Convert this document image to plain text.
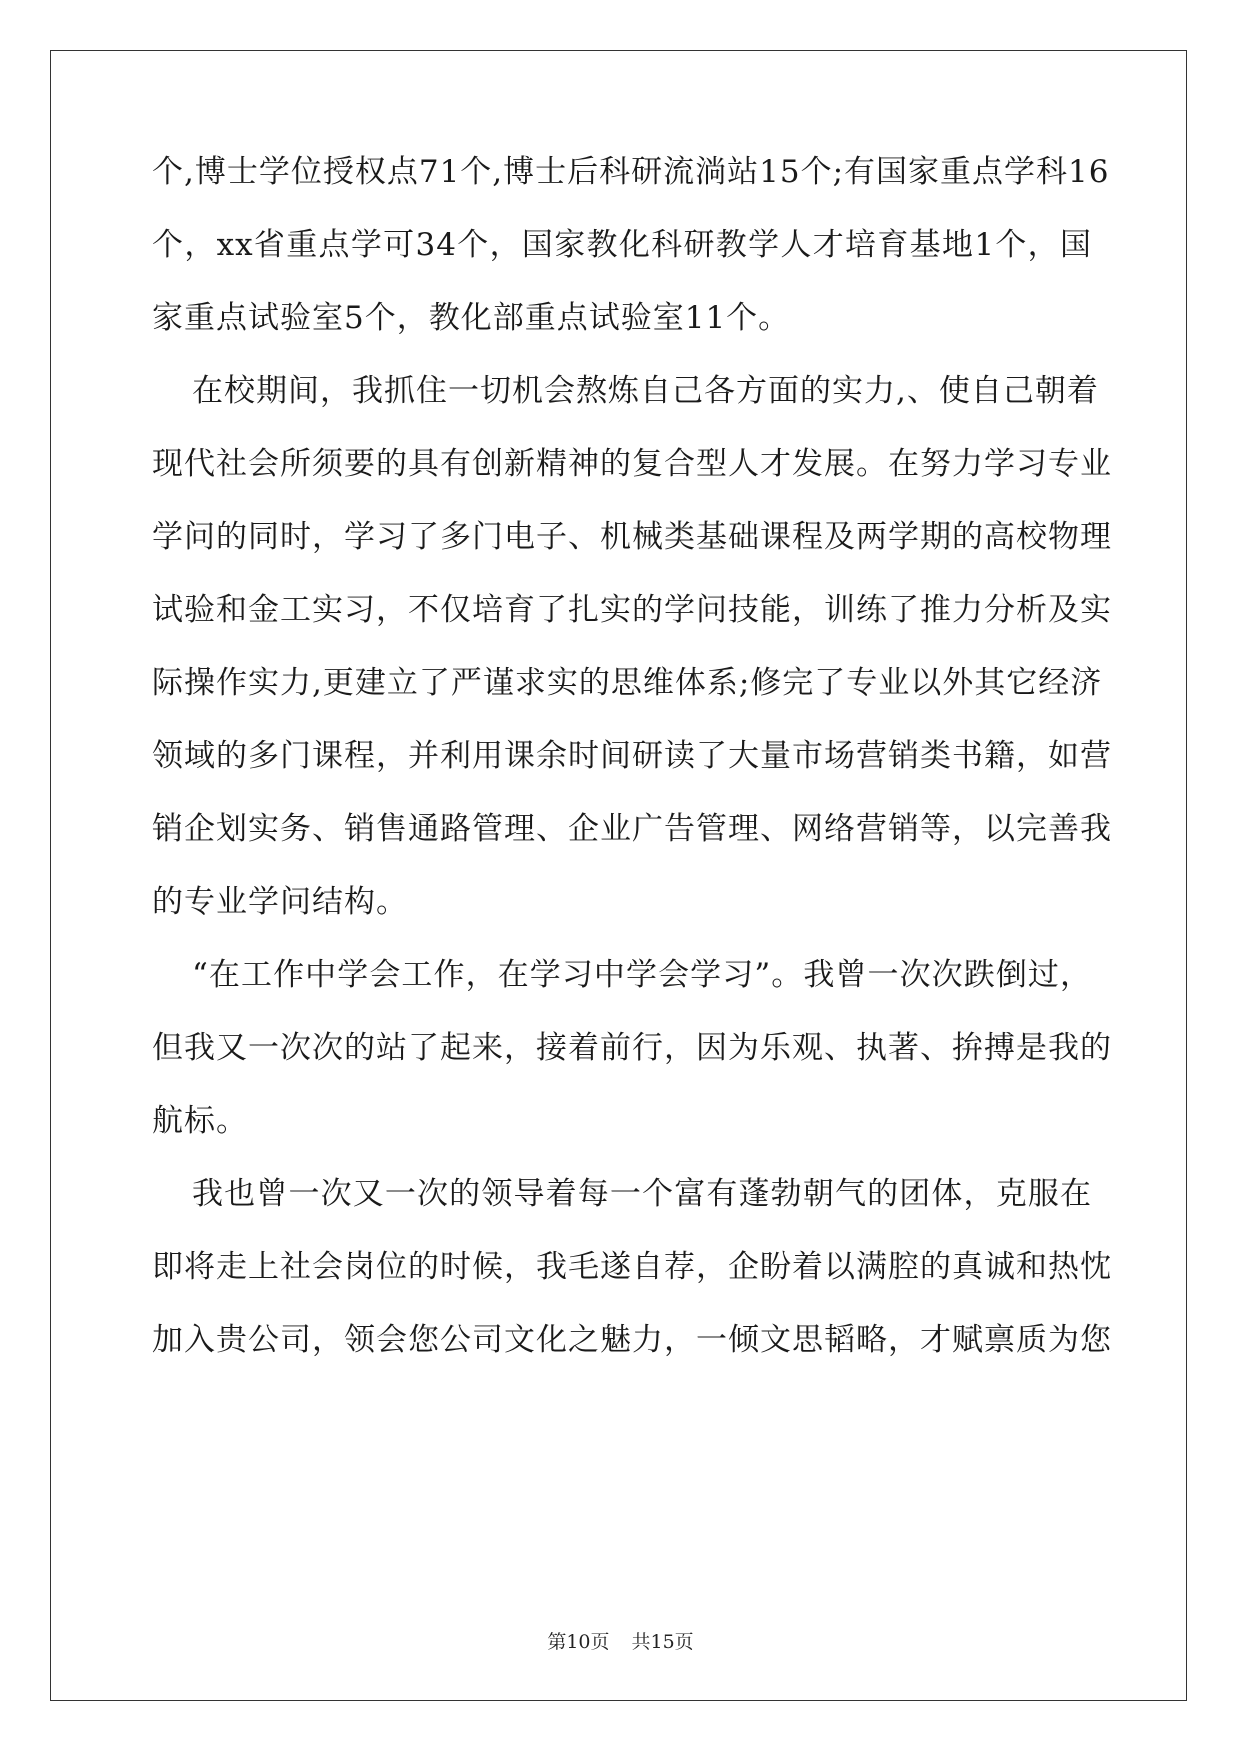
个,博士学位授权点71个,博士后科研流淌站15个;有国家重点学科16
个，xx省重点学可34个，国家教化科研教学人才培育基地1个，国
家重点试验室5个，教化部重点试验室11个。
在校期间，我抓住一切机会熬炼自己各方面的实力,、使自己朝着
现代社会所须要的具有创新精神的复合型人才发展。在努力学习专业
学问的同时，学习了多门电子、机械类基础课程及两学期的高校物理
试验和金工实习，不仅培育了扎实的学问技能，训练了推力分析及实
际操作实力,更建立了严谨求实的思维体系;修完了专业以外其它经济
领域的多门课程，并利用课余时间研读了大量市场营销类书籍，如营
销企划实务、销售通路管理、企业广告管理、网络营销等，以完善我
的专业学问结构。
“在工作中学会工作，在学习中学会学习”。我曾一次次跌倒过，
但我又一次次的站了起来，接着前行，因为乐观、执著、拚搏是我的
航标。
我也曾一次又一次的领导着每一个富有蓬勃朝气的团体，克服在
即将走上社会岗位的时候，我毛遂自荐，企盼着以满腔的真诚和热忱
加入贵公司，领会您公司文化之魅力，一倾文思韬略，才赋禀质为您
第10页 共15页
